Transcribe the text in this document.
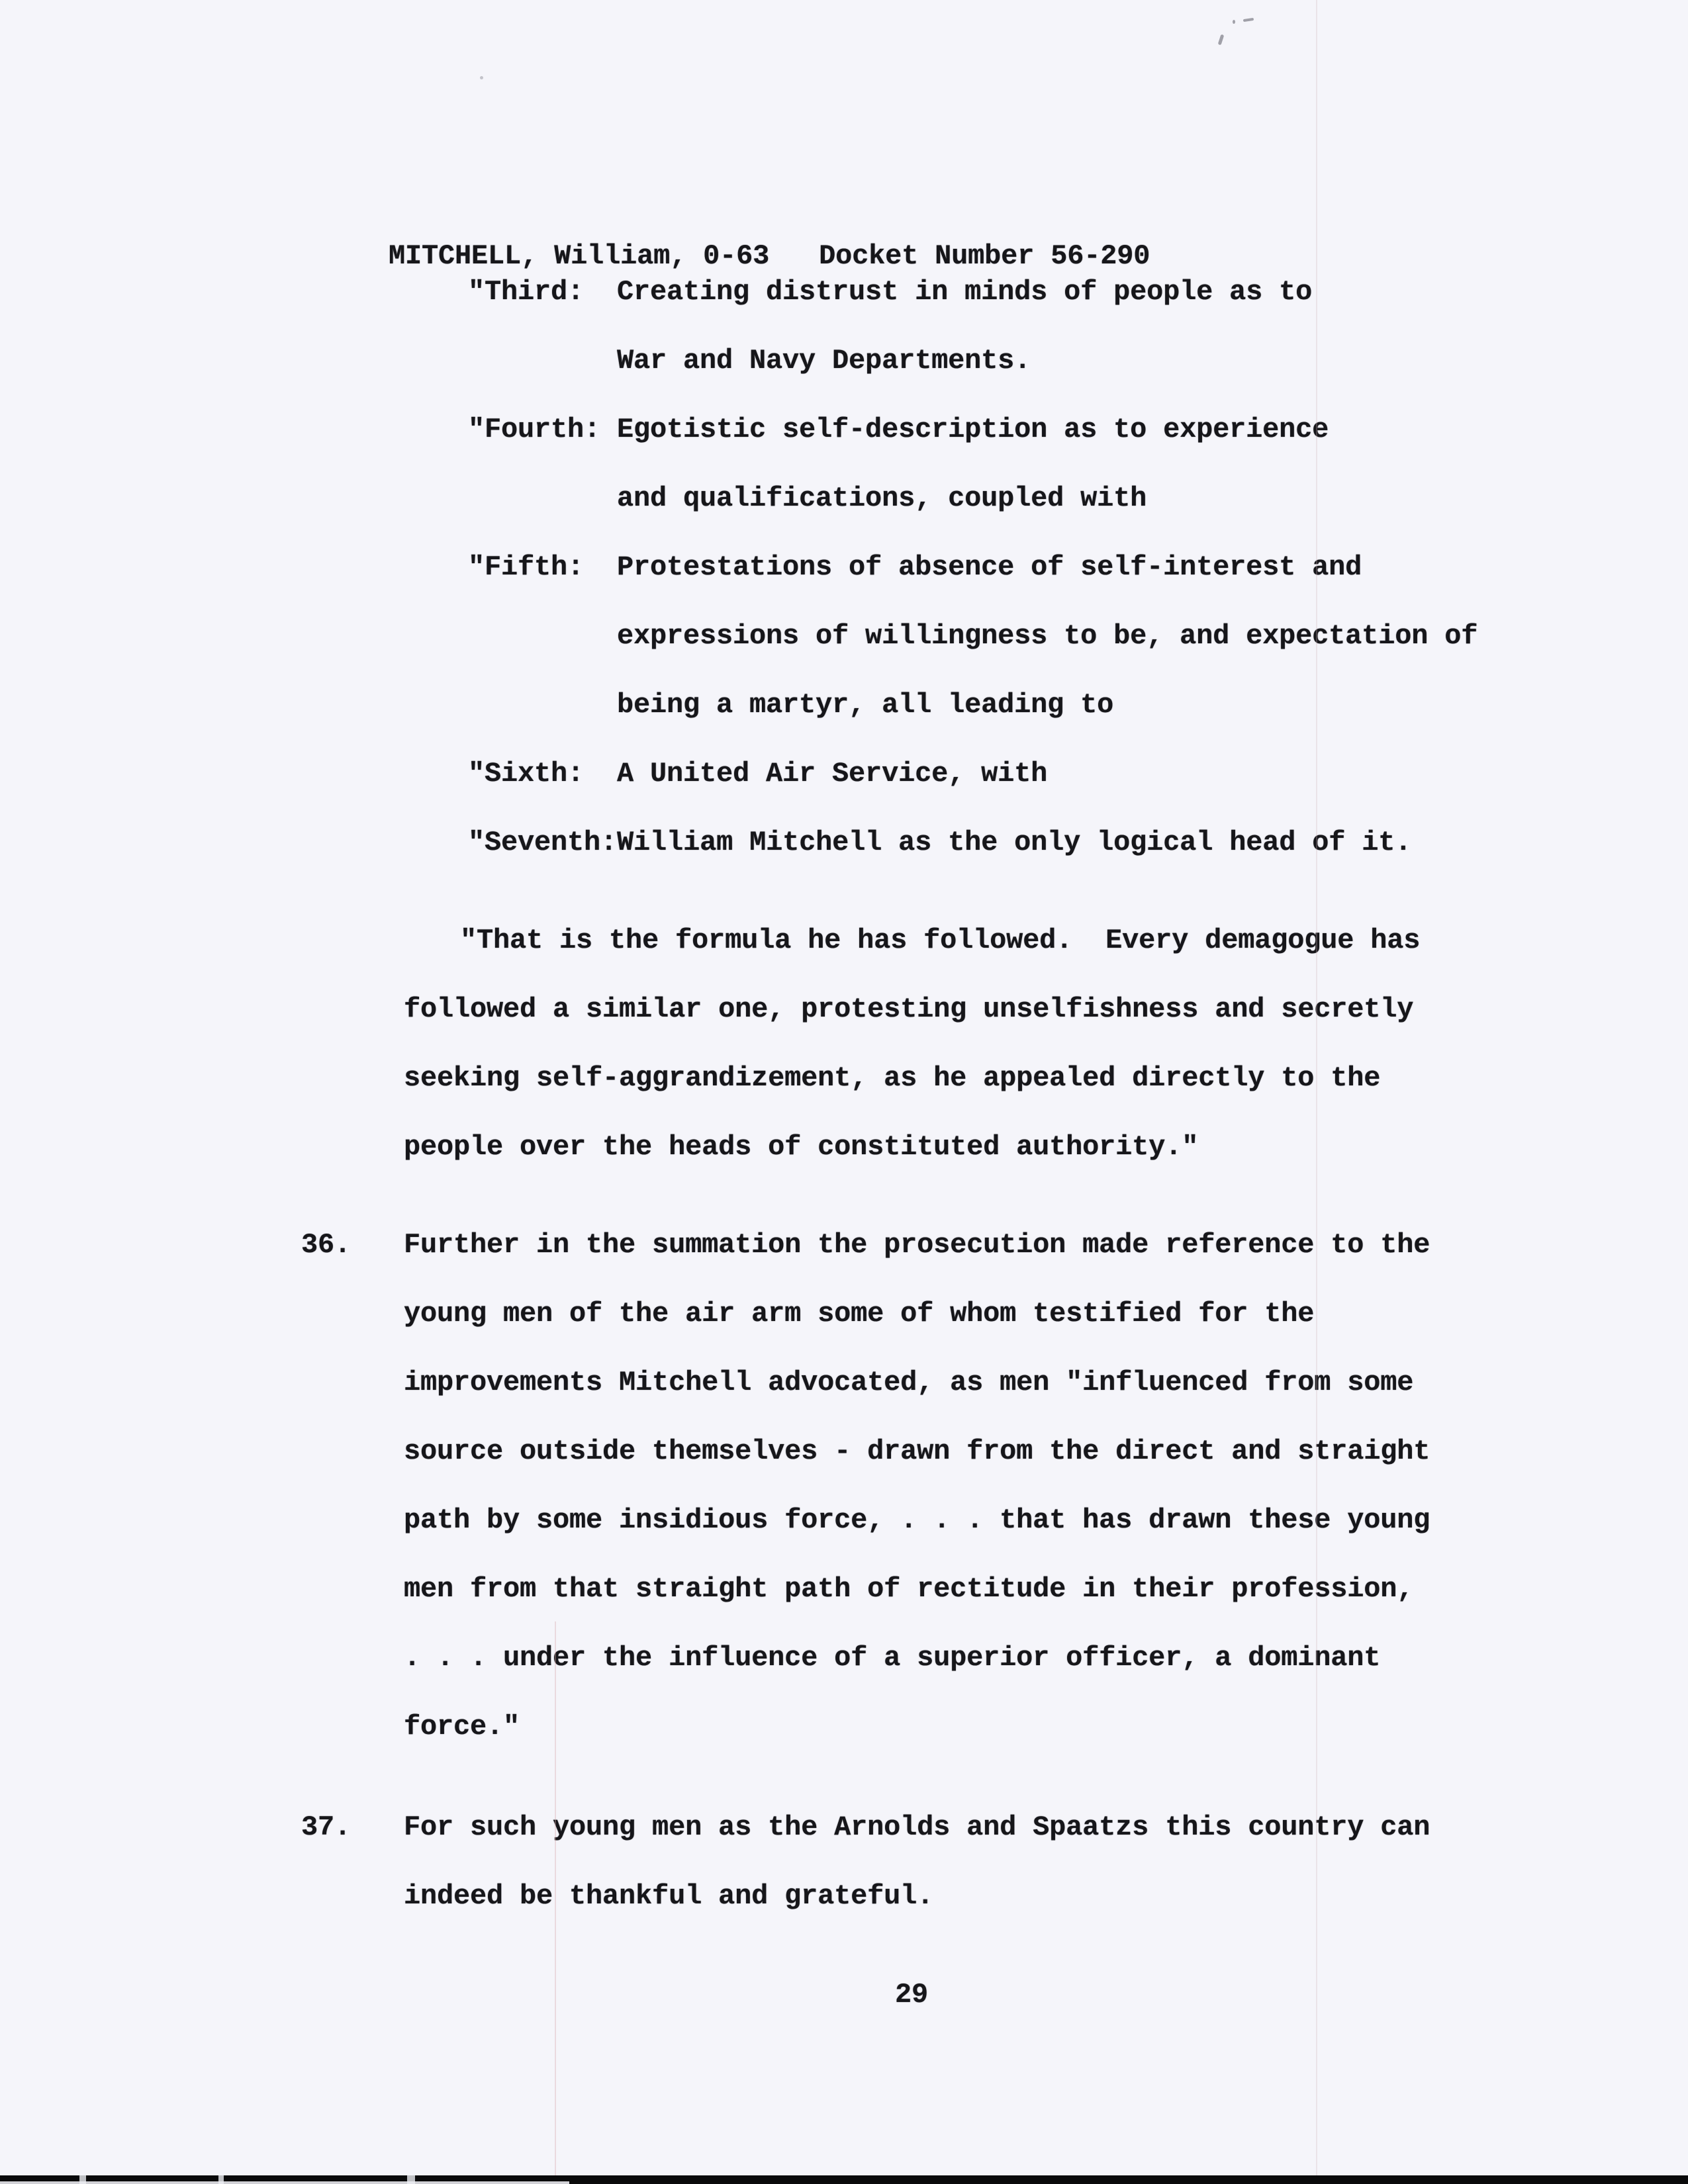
MITCHELL, William, 0-63 Docket Number 56-290

"Third: Creating distrust in minds of people as to
War and Navy Departments.
"Fourth: Egotistic self-description as to experience
and qualifications, coupled with
"Fifth: Protestations of absence of self-interest and
expressions of willingness to be, and expectation of
being a martyr, all leading to
"Sixth: A United Air Service, with
"Seventh:William Mitchell as the only logical head of it.
"That is the formula he has followed.  Every demagogue has
followed a similar one, protesting unselfishness and secretly
seeking self-aggrandizement, as he appealed directly to the
people over the heads of constituted authority."
36. Further in the summation the prosecution made reference to the
young men of the air arm some of whom testified for the
improvements Mitchell advocated, as men "influenced from some
source outside themselves - drawn from the direct and straight
path by some insidious force, . . . that has drawn these young
men from that straight path of rectitude in their profession,
. . . under the influence of a superior officer, a dominant
force."
37. For such young men as the Arnolds and Spaatzs this country can
indeed be thankful and grateful.
29
